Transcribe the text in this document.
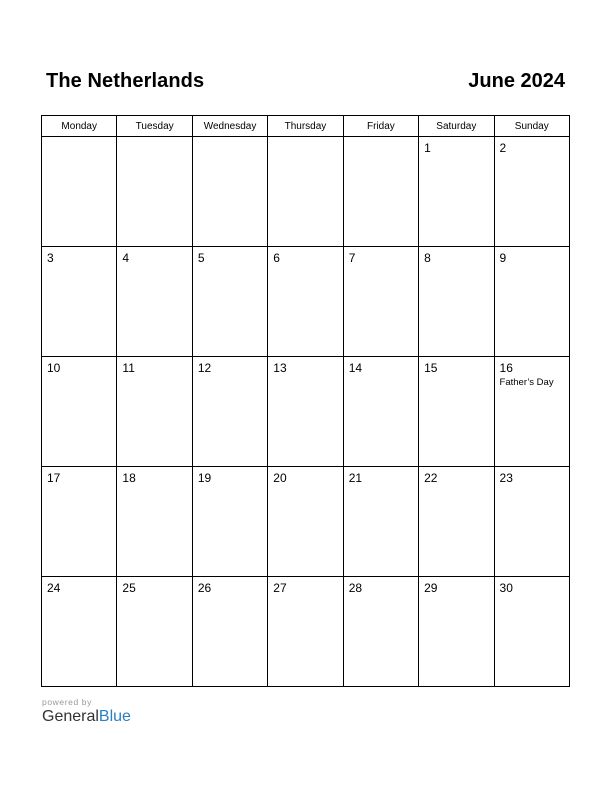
The Netherlands	June 2024
Monday	Tuesday	Wednesday	Thursday	Friday	Saturday	Sunday

					1	2

3	4	5	6	7	8	9

10	11	12	13	14	15	16
Father’s Day

17	18	19	20	21	22	23

24	25	26	27	28	29	30
powered by
GeneralBlue
